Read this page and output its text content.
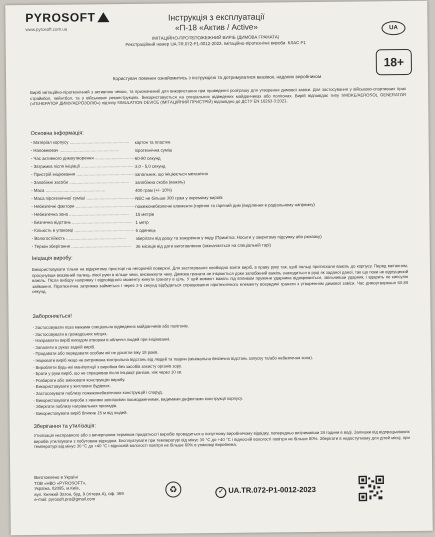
PYROSOFT
www.pyrosoft.com.ua
Інструкція з експлуатації
«П-18 «Актив / Active»
ІМІТАЦІЙНО-ПРОТЕПОЖЕЖНИЙ ВИРІБ (ДИМОВА ГРАНАТА)
Реєстраційний номер UA.TR.072-P1-0012-2023. Імітаційно-піротехнічні вироби. КЛАС Р1
UA
18+
Користувач повинен ознайомитись з інструкцією та дотримуватися вказівок, наданих виробником
Виріб імітаційно-піротехнічний з активною чекою, та призначений для використання при проведенні розіграшу для утворення димової завіси. Для застосування у військово-спортивних іграх страйкбол, пейнтбол, та у військових реконструкціях. Використовується на спеціальних відведених майданчиках або полігонах. Виріб відповідає типу SMOKE/AEROSOL GENERATOR («ГЕНЕРАТОР ДИМУ/АЕРОЗОЛЮ») підтипу SIMULATION DEVICE (ІМІТАЦІЙНИЙ ПРИСТРІЙ) відповідно до ДСТУ EN 16263-3:2021.
Основна інформація:
- Матеріал корпусу .....	картон та пластик
- Наповнювач .....	піротехнічна суміш
- Час активного димоутворення .....	60-80 секунд
- Затримка після ініціації .....	3,0 - 5,0 секунд
- Пристрій ініціювання .....	запальник, що ініціюється механічно
- Запобіжні засоби .....	запобіжна скоба (важіль)
- Маса .....	400 грам (+/- 10%)
- Маса піротехнічної суміші .....	NEC не більше 300 грам у окремому виробі
- Небезпечні фактори .....	пожежонебезпечні елементи (горіння та гарячий дим (виділення в радіальному напрямку)
- Небезпечна зона .....	15 метрів
- Безпечна відстань .....	1 метр
- Кількість в упаковці .....	6 одиниць
- Вологостійкість .....	зберігати від дощу та занурення у воду (Примітка: Носити у закритому підсумку або рюкзаку)
- Термін зберігання .....	36 місяців від дати виготовлення (зазначається на спеціальній тарі)
Ініціація виробу:
Використовувати тільки на відкритому просторі на негорючій поверхні. Для застосування необхідно взяти виріб, в праву руку так, щоб пальці притискали важіль до корпусу. Перед метанням, просунувши вказівний палець лівої руки в кільце чеки, висмикнути чеку. Димова граната не ініціюється доки запобіжний важіль знаходиться в руці як заданої даної, так що поки не відпущений важіль. Після вибору напрямку і відповідного моменту кинути гранату в ціль. У цей момент важіль під впливом пружини ударника відокремиться, звільнивши ударник, і вдарить по капсулю займання. Піротехнічна затримка займеться і через 3-5 секунд відбудеться спрацювання піротехнічного елементу всередині гранати з утворенням димової завіси. Час димоутворення 60-80 секунд.
Забороняється!
- Застосовувати поза межами спеціально відведених майданчиків або полігонів.
- Застосовувати в громадських місцях.
- Направляти виріб виходом отвором в обличчя людей при ініціюванні.
- Запалити в руках задній виріб.
- Продавати або передавати особам які не досягли віку 18 років.
- Ініціювати виріб якщо не витримана контрольна відстань від людей та тварин (мінімальна безпечна відстань запуску та/або небезпечна зона).
- Виробляти будь-які маніпуляції з виробом без засобів захисту органів зору.
- Брати у руки виріб, що не спрацював після ініціації раніше, ніж через 10 хв.
- Розбирати або змінювати конструкцію виробу.
- Використовувати у житлових будівлях.
- Застосовувати поблизу пожежонебезпечних конструкцій і споруд.
- Використовувати вироби з явними зовнішніми пошкодженнями, видимими дефектами конструкції корпусу.
- Зберігати поблизу нагрівальних приладів.
- Використовувати виріб ближче 15 м від людей.
Зберігання та утилізація:
Утилізація несправного або з вичерпаним терміном придатності виробів проводиться в попутному виробничому відвідку, попередньо витримавши 24 години в воді. Залишки від відпрацьованих виробів утилізувати з побутовим відходом. Експлуатувати при температурі від мінус 30 °С до +40 °С і відносній вологості повітря не більше 80%. Зберігати в недоступному для дітей місці, при температурі від мінус 30 °С до +40 °С і відносній вологості повітря не більше 60% в упаковці виробника.
Виготовлено в Україні
ТОВ «НВО «PYROSOFT»,
Україна, 02095, м.Київ,
вул. Княжий Затон, буд. 9 (літера А), оф. 369
e-mail: pyrosoft.pro@gmail.com
♻	✓ UA.TR.072-P1-0012-2023
